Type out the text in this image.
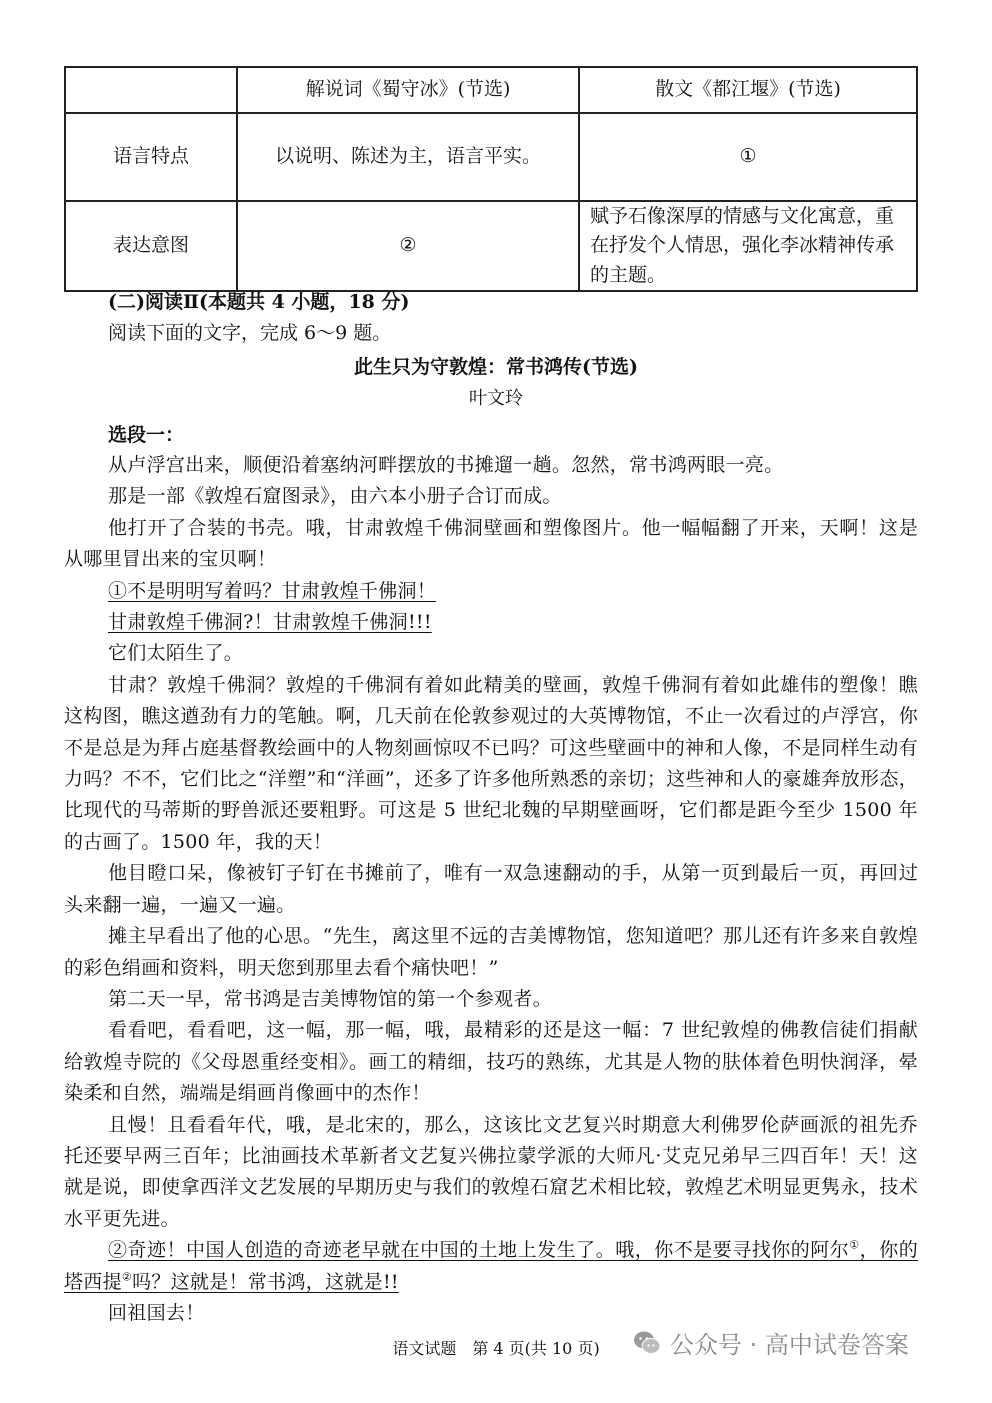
	解说词《蜀守冰》(节选)	散文《都江堰》(节选)
语言特点	以说明、陈述为主，语言平实。	①
表达意图	②	赋予石像深厚的情感与文化寓意，重在抒发个人情思，强化李冰精神传承的主题。
(二)阅读Ⅱ(本题共 4 小题，18 分)
阅读下面的文字，完成 6～9 题。
此生只为守敦煌：常书鸿传(节选)
叶文玲
选段一：

从卢浮宫出来，顺便沿着塞纳河畔摆放的书摊遛一趟。忽然，常书鸿两眼一亮。

那是一部《敦煌石窟图录》，由六本小册子合订而成。

他打开了合装的书壳。哦，甘肃敦煌千佛洞壁画和塑像图片。他一幅幅翻了开来，天啊！这是从哪里冒出来的宝贝啊！

①不是明明写着吗？甘肃敦煌千佛洞！

甘肃敦煌千佛洞?！甘肃敦煌千佛洞!!!

它们太陌生了。

甘肃？敦煌千佛洞？敦煌的千佛洞有着如此精美的壁画，敦煌千佛洞有着如此雄伟的塑像！瞧这构图，瞧这遒劲有力的笔触。啊，几天前在伦敦参观过的大英博物馆，不止一次看过的卢浮宫，你不是总是为拜占庭基督教绘画中的人物刻画惊叹不已吗？可这些壁画中的神和人像，不是同样生动有力吗？不不，它们比之“洋塑”和“洋画”，还多了许多他所熟悉的亲切；这些神和人的豪雄奔放形态，比现代的马蒂斯的野兽派还要粗野。可这是 5 世纪北魏的早期壁画呀，它们都是距今至少 1500 年的古画了。1500 年，我的天！

他目瞪口呆，像被钉子钉在书摊前了，唯有一双急速翻动的手，从第一页到最后一页，再回过头来翻一遍，一遍又一遍。

摊主早看出了他的心思。“先生，离这里不远的吉美博物馆，您知道吧？那儿还有许多来自敦煌的彩色绢画和资料，明天您到那里去看个痛快吧！”

第二天一早，常书鸿是吉美博物馆的第一个参观者。

看看吧，看看吧，这一幅，那一幅，哦，最精彩的还是这一幅：7 世纪敦煌的佛教信徒们捐献给敦煌寺院的《父母恩重经变相》。画工的精细，技巧的熟练，尤其是人物的肤体着色明快润泽，晕染柔和自然，端端是绢画肖像画中的杰作！

且慢！且看看年代，哦，是北宋的，那么，这该比文艺复兴时期意大利佛罗伦萨画派的祖先乔托还要早两三百年；比油画技术革新者文艺复兴佛拉蒙学派的大师凡·艾克兄弟早三四百年！天！这就是说，即使拿西洋文艺发展的早期历史与我们的敦煌石窟艺术相比较，敦煌艺术明显更隽永，技术水平更先进。

②奇迹！中国人创造的奇迹老早就在中国的土地上发生了。哦，你不是要寻找你的阿尔①，你的塔西提②吗？这就是！常书鸿，这就是!!

回祖国去！

语文试题　第 4 页(共 10 页)	公众号 · 高中试卷答案
